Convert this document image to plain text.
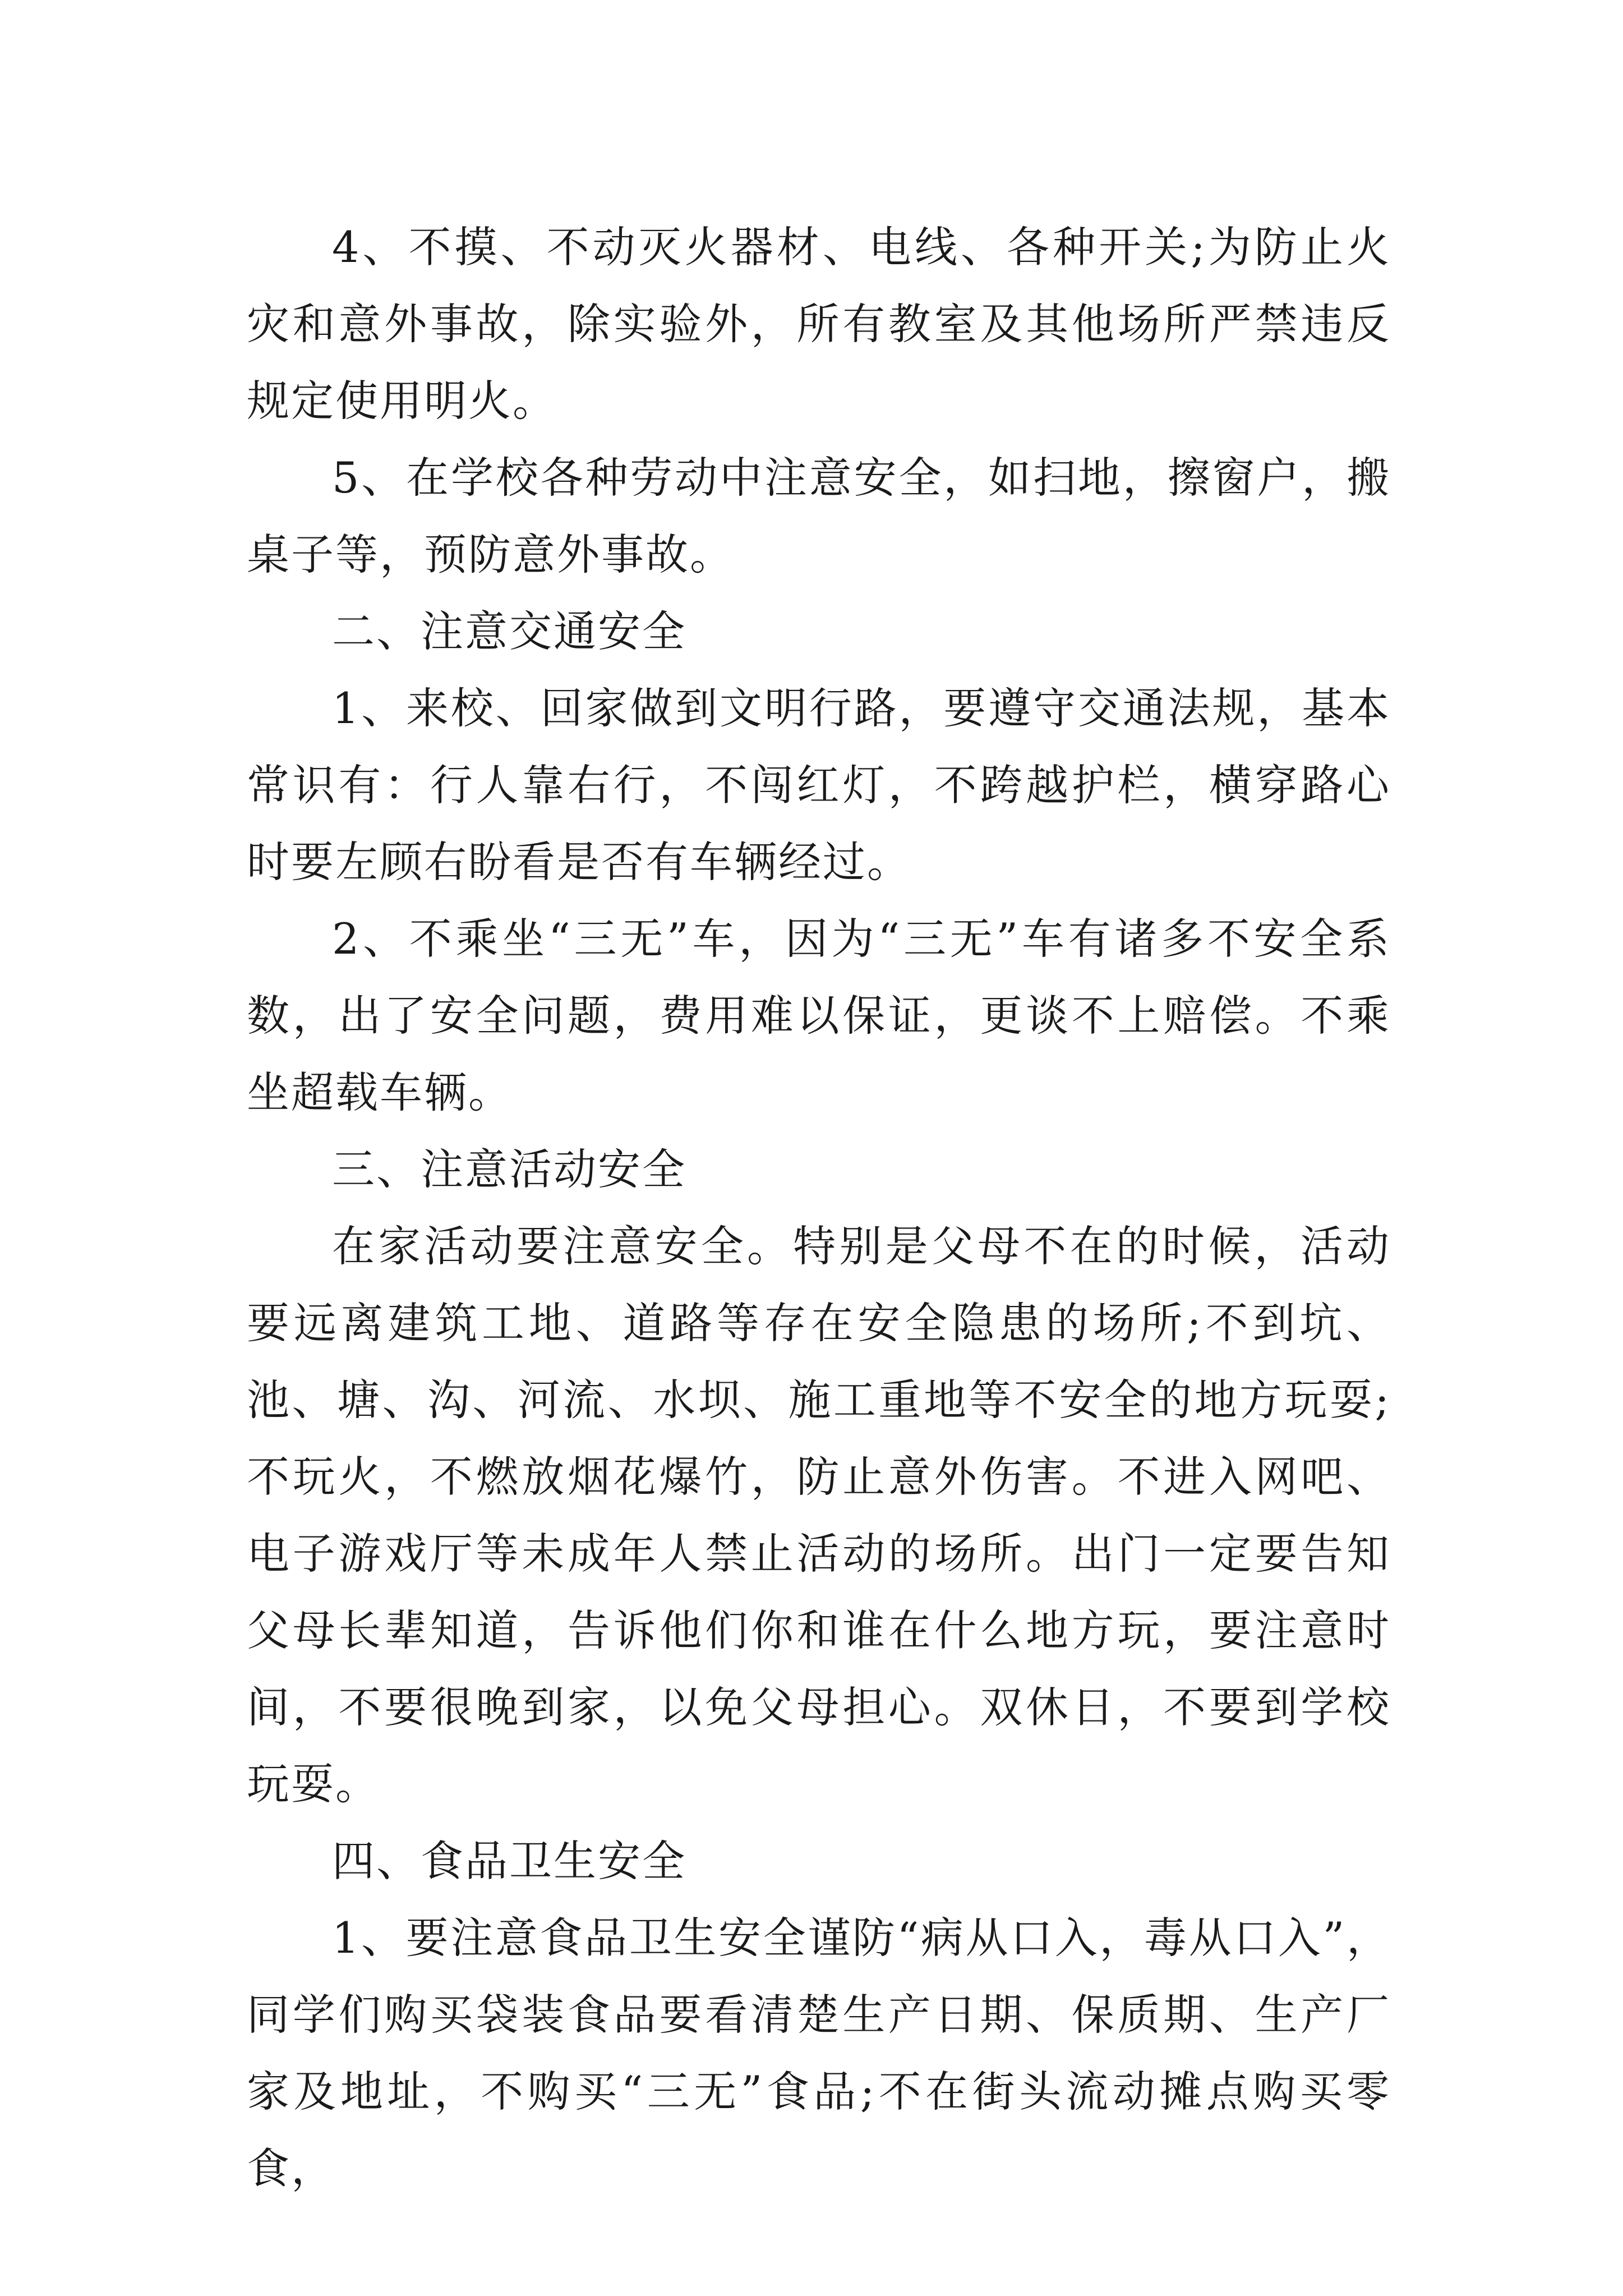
4、不摸、不动灭火器材、电线、各种开关;为防止火灾和意外事故，除实验外，所有教室及其他场所严禁违反规定使用明火。

5、在学校各种劳动中注意安全，如扫地，擦窗户，搬桌子等，预防意外事故。

二、注意交通安全

1、来校、回家做到文明行路，要遵守交通法规，基本常识有：行人靠右行，不闯红灯，不跨越护栏，横穿路心时要左顾右盼看是否有车辆经过。

2、不乘坐“三无”车，因为“三无”车有诸多不安全系数，出了安全问题，费用难以保证，更谈不上赔偿。不乘坐超载车辆。

三、注意活动安全

在家活动要注意安全。特别是父母不在的时候，活动要远离建筑工地、道路等存在安全隐患的场所;不到坑、池、塘、沟、河流、水坝、施工重地等不安全的地方玩耍;不玩火，不燃放烟花爆竹，防止意外伤害。不进入网吧、电子游戏厅等未成年人禁止活动的场所。出门一定要告知父母长辈知道，告诉他们你和谁在什么地方玩，要注意时间，不要很晚到家，以免父母担心。双休日，不要到学校玩耍。

四、食品卫生安全

1、要注意食品卫生安全谨防“病从口入，毒从口入”，同学们购买袋装食品要看清楚生产日期、保质期、生产厂家及地址，不购买“三无”食品;不在街头流动摊点购买零食，
